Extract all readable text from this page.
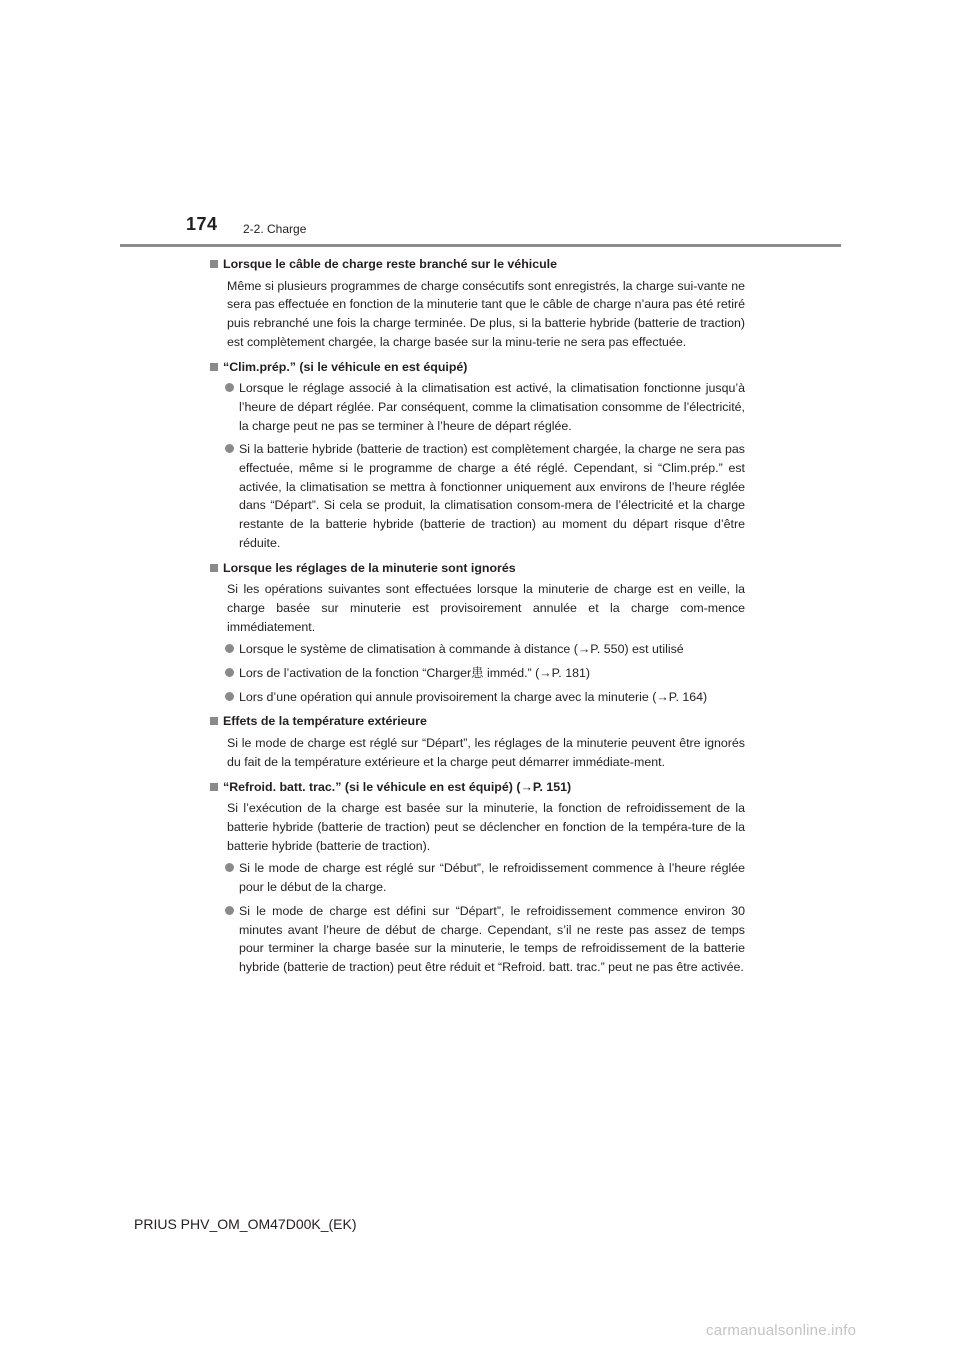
174 2-2. Charge
Lorsque le câble de charge reste branché sur le véhicule
Même si plusieurs programmes de charge consécutifs sont enregistrés, la charge sui-vante ne sera pas effectuée en fonction de la minuterie tant que le câble de charge n’aura pas été retiré puis rebranché une fois la charge terminée. De plus, si la batterie hybride (batterie de traction) est complètement chargée, la charge basée sur la minu-terie ne sera pas effectuée.
“Clim.prép.” (si le véhicule en est équipé)
Lorsque le réglage associé à la climatisation est activé, la climatisation fonctionne jusqu’à l’heure de départ réglée. Par conséquent, comme la climatisation consomme de l’électricité, la charge peut ne pas se terminer à l’heure de départ réglée.
Si la batterie hybride (batterie de traction) est complètement chargée, la charge ne sera pas effectuée, même si le programme de charge a été réglé. Cependant, si “Clim.prép.” est activée, la climatisation se mettra à fonctionner uniquement aux environs de l’heure réglée dans “Départ”. Si cela se produit, la climatisation consom-mera de l’électricité et la charge restante de la batterie hybride (batterie de traction) au moment du départ risque d’être réduite.
Lorsque les réglages de la minuterie sont ignorés
Si les opérations suivantes sont effectuées lorsque la minuterie de charge est en veille, la charge basée sur minuterie est provisoirement annulée et la charge com-mence immédiatement.
Lorsque le système de climatisation à commande à distance (→P. 550) est utilisé
Lors de l’activation de la fonction “Charger患 imméd.” (→P. 181)
Lors d’une opération qui annule provisoirement la charge avec la minuterie (→P. 164)
Effets de la température extérieure
Si le mode de charge est réglé sur “Départ”, les réglages de la minuterie peuvent être ignorés du fait de la température extérieure et la charge peut démarrer immédiate-ment.
“Refroid. batt. trac.” (si le véhicule en est équipé) (→P. 151)
Si l’exécution de la charge est basée sur la minuterie, la fonction de refroidissement de la batterie hybride (batterie de traction) peut se déclencher en fonction de la tempéra-ture de la batterie hybride (batterie de traction).
Si le mode de charge est réglé sur “Début”, le refroidissement commence à l’heure réglée pour le début de la charge.
Si le mode de charge est défini sur “Départ”, le refroidissement commence environ 30 minutes avant l’heure de début de charge. Cependant, s’il ne reste pas assez de temps pour terminer la charge basée sur la minuterie, le temps de refroidissement de la batterie hybride (batterie de traction) peut être réduit et “Refroid. batt. trac.” peut ne pas être activée.
PRIUS PHV_OM_OM47D00K_(EK)
carmanualsonline.info
